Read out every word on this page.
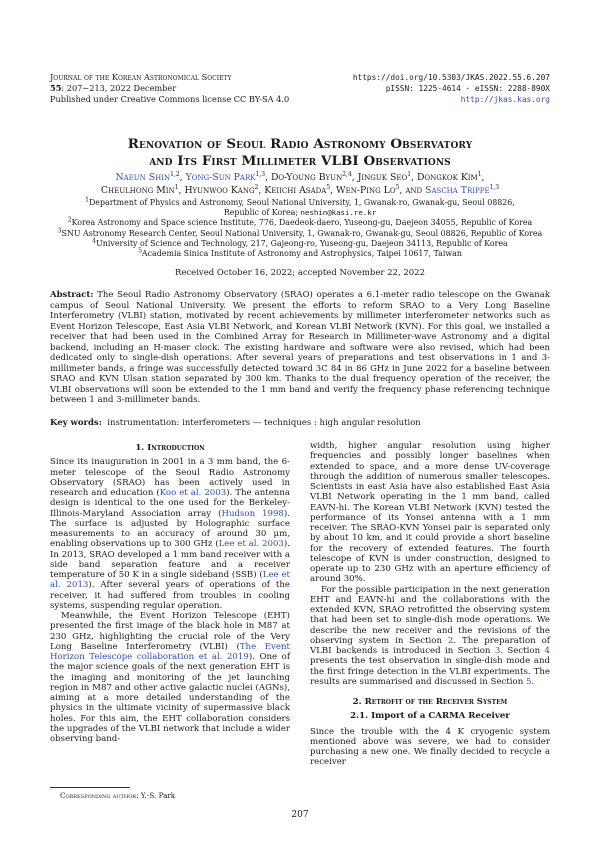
Journal of the Korean Astronomical Society
55: 207∼213, 2022 December
Published under Creative Commons license CC BY-SA 4.0
https://doi.org/10.5303/JKAS.2022.55.6.207
pISSN: 1225-4614 · eISSN: 2288-890X
http://jkas.kas.org
Renovation of Seoul Radio Astronomy Observatory
and Its First Millimeter VLBI Observations
Naeun Shin$^{1,2}$, Yong-Sun Park$^{1,3}$, Do-Young Byun$^{2,4}$, Jinguk Seo$^1$, Dongkok Kim$^1$,
Cheulhong Min$^1$, Hyunwoo Kang$^2$, Keiichi Asada$^5$, Wen-Ping Lo$^5$, and Sascha Trippe$^{1,3}$
$^1$Department of Physics and Astronomy, Seoul National University, 1, Gwanak-ro, Gwanak-gu, Seoul 08826,
Republic of Korea; neshin@kasi.re.kr
$^2$Korea Astronomy and Space science Institute, 776, Daedeok-daero, Yuseong-gu, Daejeon 34055, Republic of Korea
$^3$SNU Astronomy Research Center, Seoul National University, 1, Gwanak-ro, Gwanak-gu, Seoul 08826, Republic of Korea
$^4$University of Science and Technology, 217, Gajeong-ro, Yuseong-gu, Daejeon 34113, Republic of Korea
$^5$Academia Sinica Institute of Astronomy and Astrophysics, Taipei 10617, Taiwan
Received October 16, 2022; accepted November 22, 2022
Abstract: The Seoul Radio Astronomy Observatory (SRAO) operates a 6.1-meter radio telescope on the Gwanak campus of Seoul National University. We present the efforts to reform SRAO to a Very Long Baseline Interferometry (VLBI) station, motivated by recent achievements by millimeter interferometer networks such as Event Horizon Telescope, East Asia VLBI Network, and Korean VLBI Network (KVN). For this goal, we installed a receiver that had been used in the Combined Array for Research in Millimeter-wave Astronomy and a digital backend, including an H-maser clock. The existing hardware and software were also revised, which had been dedicated only to single-dish operations. After several years of preparations and test observations in 1 and 3-millimeter bands, a fringe was successfully detected toward 3C 84 in 86 GHz in June 2022 for a baseline between SRAO and KVN Ulsan station separated by 300 km. Thanks to the dual frequency operation of the receiver, the VLBI observations will soon be extended to the 1 mm band and verify the frequency phase referencing technique between 1 and 3-millimeter bands.
Key words: instrumentation: interferometers — techniques : high angular resolution
1. Introduction

Since its inauguration in 2001 in a 3 mm band, the 6-meter telescope of the Seoul Radio Astronomy Observatory (SRAO) has been actively used in research and education (Koo et al. 2003). The antenna design is identical to the one used for the Berkeley-Illinois-Maryland Association array (Hudson 1998). The surface is adjusted by Holographic surface measurements to an accuracy of around 30 μm, enabling observations up to 300 GHz (Lee et al. 2003). In 2013, SRAO developed a 1 mm band receiver with a side band separation feature and a receiver temperature of 50 K in a single sideband (SSB) (Lee et al. 2013). After several years of operations of the receiver, it had suffered from troubles in cooling systems, suspending regular operation.

Meanwhile, the Event Horizon Telescope (EHT) presented the first image of the black hole in M87 at 230 GHz, highlighting the crucial role of the Very Long Baseline Interferometry (VLBI) (The Event Horizon Telescope collaboration et al. 2019). One of the major science goals of the next generation EHT is the imaging and monitoring of the jet launching region in M87 and other active galactic nuclei (AGNs), aiming at a more detailed understanding of the physics in the ultimate vicinity of supermassive black holes. For this aim, the EHT collaboration considers the upgrades of the VLBI network that include a wider observing band-

width, higher angular resolution using higher frequencies and possibly longer baselines when extended to space, and a more dense UV-coverage through the addition of numerous smaller telescopes. Scientists in east Asia have also established East Asia VLBI Network operating in the 1 mm band, called EAVN-hi. The Korean VLBI Network (KVN) tested the performance of its Yonsei antenna with a 1 mm receiver. The SRAO-KVN Yonsei pair is separated only by about 10 km, and it could provide a short baseline for the recovery of extended features. The fourth telescope of KVN is under construction, designed to operate up to 230 GHz with an aperture efficiency of around 30%.

For the possible participation in the next generation EHT and EAVN-hi and the collaborations with the extended KVN, SRAO retrofitted the observing system that had been set to single-dish mode operations. We describe the new receiver and the revisions of the observing system in Section 2. The preparation of VLBI backends is introduced in Section 3. Section 4 presents the test observation in single-dish mode and the first fringe detection in the VLBI experiments. The results are summarised and discussed in Section 5.

2. Retrofit of the Receiver System
2.1. Import of a CARMA Receiver

Since the trouble with the 4 K cryogenic system mentioned above was severe, we had to consider purchasing a new one. We finally decided to recycle a receiver

Corresponding author: Y.-S. Park
207
